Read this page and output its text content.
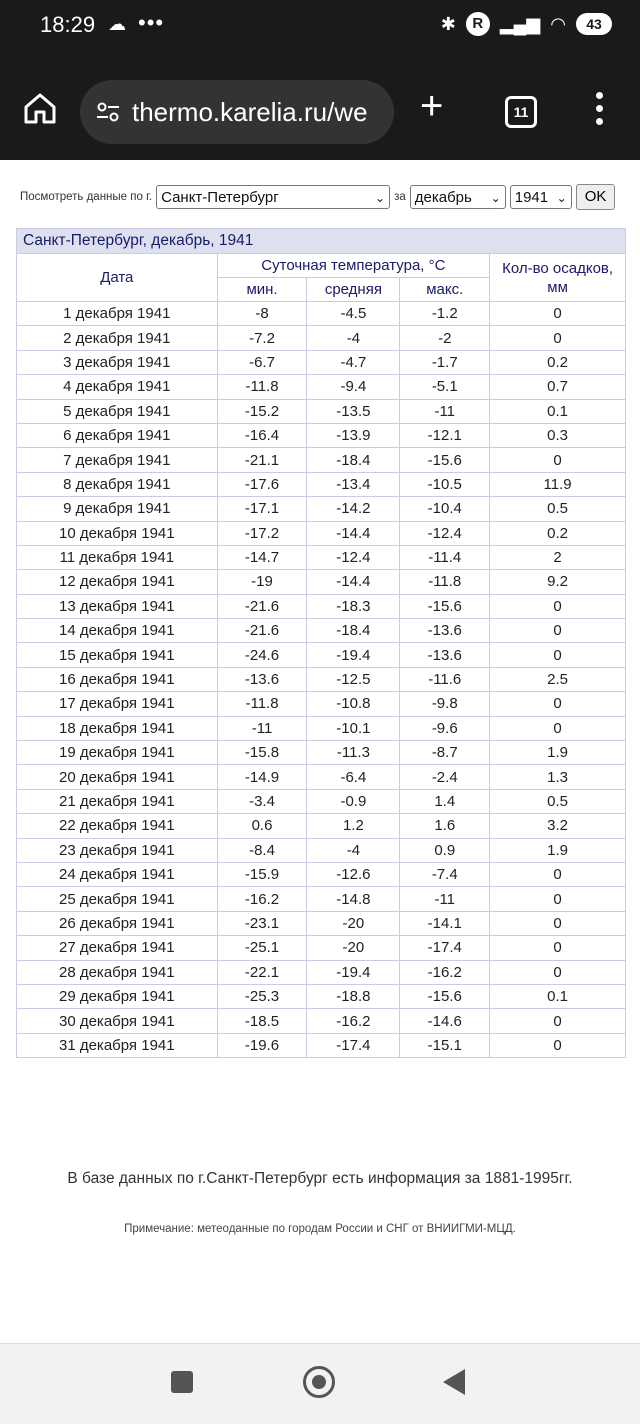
18:29 ☁ •••	✱	R ▂▄▆ ◠	43
thermo.karelia.ru/we +	11
Посмотреть данные по г. Санкт-Петербург	⌄ за декабрь ⌄ 1941 ⌄	OK
Санкт-Петербург, декабрь, 1941				
Дата	Суточная температура, °C			Кол-во осадков, мм
	мин.	средняя	макс.	
1 декабря 1941	-8	-4.5	-1.2	0
2 декабря 1941	-7.2	-4	-2	0
3 декабря 1941	-6.7	-4.7	-1.7	0.2
4 декабря 1941	-11.8	-9.4	-5.1	0.7
5 декабря 1941	-15.2	-13.5	-11	0.1
6 декабря 1941	-16.4	-13.9	-12.1	0.3
7 декабря 1941	-21.1	-18.4	-15.6	0
8 декабря 1941	-17.6	-13.4	-10.5	11.9
9 декабря 1941	-17.1	-14.2	-10.4	0.5
10 декабря 1941	-17.2	-14.4	-12.4	0.2
11 декабря 1941	-14.7	-12.4	-11.4	2
12 декабря 1941	-19	-14.4	-11.8	9.2
13 декабря 1941	-21.6	-18.3	-15.6	0
14 декабря 1941	-21.6	-18.4	-13.6	0
15 декабря 1941	-24.6	-19.4	-13.6	0
16 декабря 1941	-13.6	-12.5	-11.6	2.5
17 декабря 1941	-11.8	-10.8	-9.8	0
18 декабря 1941	-11	-10.1	-9.6	0
19 декабря 1941	-15.8	-11.3	-8.7	1.9
20 декабря 1941	-14.9	-6.4	-2.4	1.3
21 декабря 1941	-3.4	-0.9	1.4	0.5
22 декабря 1941	0.6	1.2	1.6	3.2
23 декабря 1941	-8.4	-4	0.9	1.9
24 декабря 1941	-15.9	-12.6	-7.4	0
25 декабря 1941	-16.2	-14.8	-11	0
26 декабря 1941	-23.1	-20	-14.1	0
27 декабря 1941	-25.1	-20	-17.4	0
28 декабря 1941	-22.1	-19.4	-16.2	0
29 декабря 1941	-25.3	-18.8	-15.6	0.1
30 декабря 1941	-18.5	-16.2	-14.6	0
31 декабря 1941	-19.6	-17.4	-15.1	0
В базе данных по г.Санкт-Петербург есть информация за 1881-1995гг.
Примечание: метеоданные по городам России и СНГ от ВНИИГМИ-МЦД.
